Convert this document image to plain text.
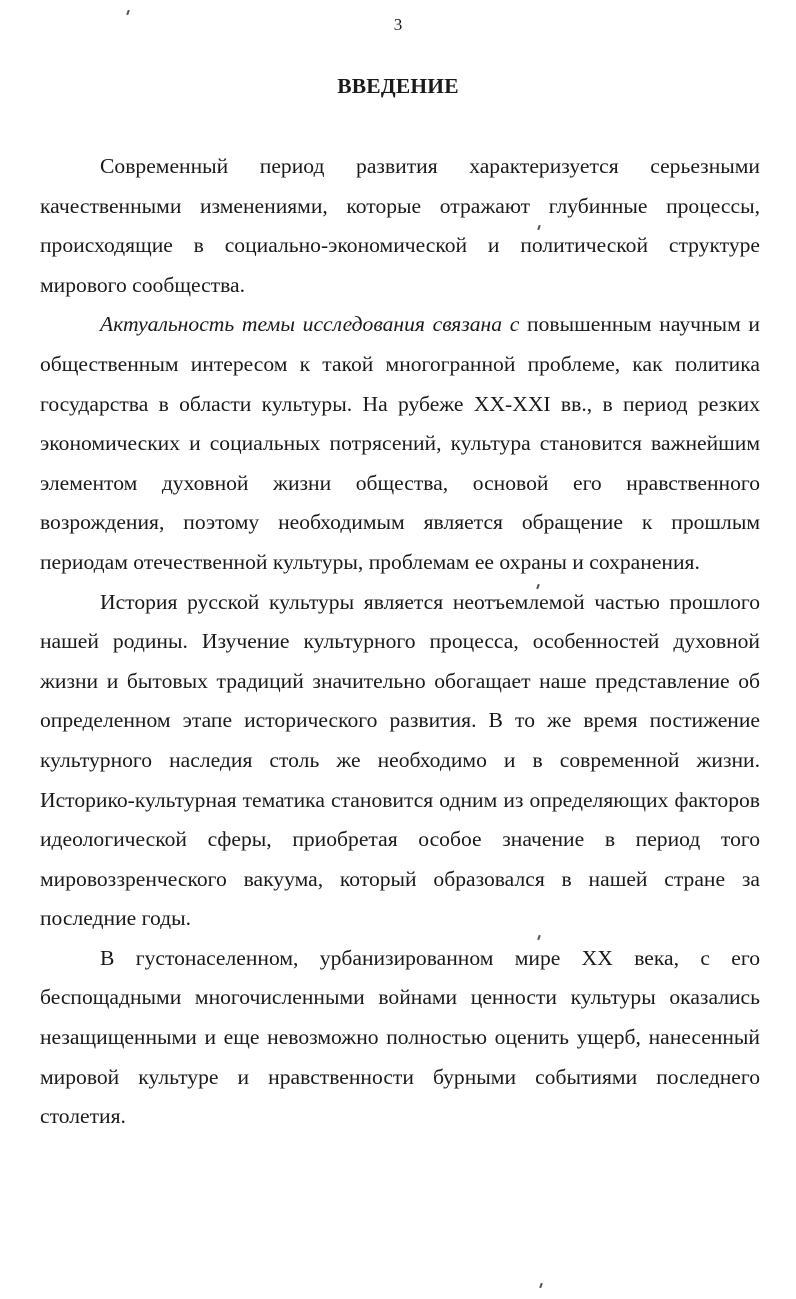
3
ВВЕДЕНИЕ

Современный период развития характеризуется серьезными качественными изменениями, которые отражают глубинные процессы, происходящие в социально-экономической и политической структуре мирового сообщества.

Актуальность темы исследования связана с повышенным научным и общественным интересом к такой многогранной проблеме, как политика государства в области культуры. На рубеже XX-XXI вв., в период резких экономических и социальных потрясений, культура становится важнейшим элементом духовной жизни общества, основой его нравственного возрождения, поэтому необходимым является обращение к прошлым периодам отечественной культуры, проблемам ее охраны и сохранения.

История русской культуры является неотъемлемой частью прошлого нашей родины. Изучение культурного процесса, особенностей духовной жизни и бытовых традиций значительно обогащает наше представление об определенном этапе исторического развития. В то же время постижение культурного наследия столь же необходимо и в современной жизни. Историко-культурная тематика становится одним из определяющих факторов идеологической сферы, приобретая особое значение в период того мировоззренческого вакуума, который образовался в нашей стране за последние годы.

В густонаселенном, урбанизированном мире XX века, с его беспощадными многочисленными войнами ценности культуры оказались незащищенными и еще невозможно полностью оценить ущерб, нанесенный мировой культуре и нравственности бурными событиями последнего столетия.
